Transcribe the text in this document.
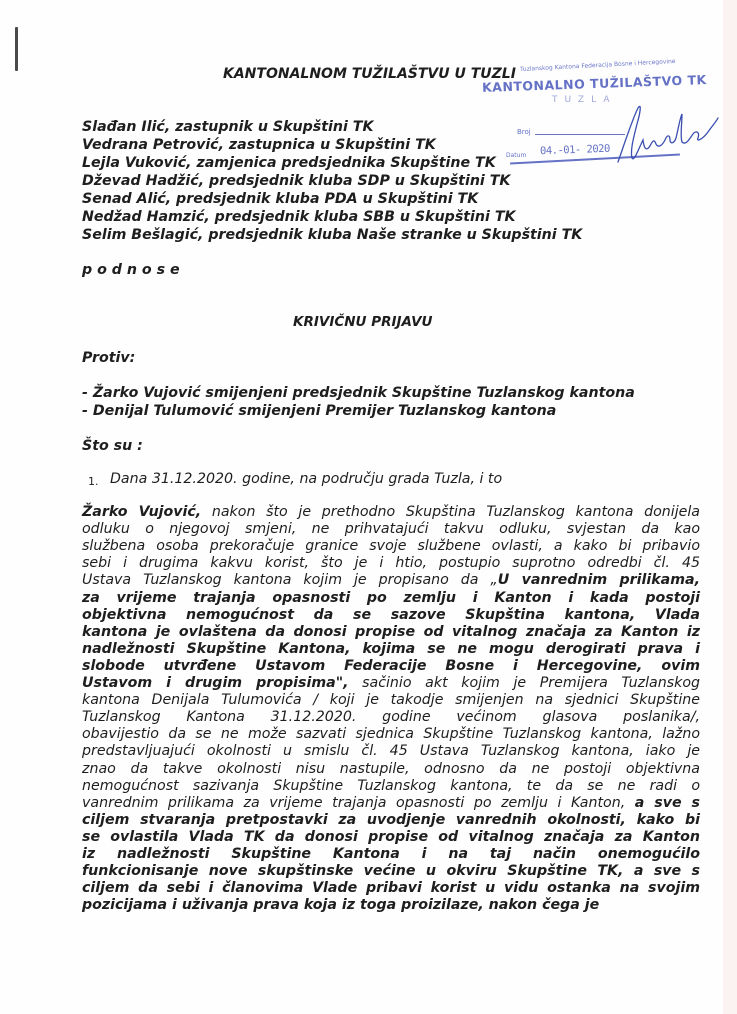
KANTONALNOM TUŽILAŠTVU U TUZLI
Tuzlanskog Kantona Federacija Bosne i Hercegovine
KANTONALNO TUŽILAŠTVO TK
TUZLA
Broj
04.-01- 2020
Datum
Slađan Ilić, zastupnik u Skupštini TK
Vedrana Petrović, zastupnica u Skupštini TK
Lejla Vuković, zamjenica predsjednika Skupštine TK
Dževad Hadžić, predsjednik kluba SDP u Skupštini TK
Senad Alić, predsjednik kluba PDA u Skupštini TK
Nedžad Hamzić, predsjednik kluba SBB u Skupštini TK
Selim Bešlagić, predsjednik kluba Naše stranke u Skupštini TK
p o d n o s e
KRIVIČNU PRIJAVU
Protiv:
- Žarko Vujović smijenjeni predsjednik Skupštine Tuzlanskog kantona
- Denijal Tulumović smijenjeni Premijer Tuzlanskog kantona
Što su :
1. Dana 31.12.2020. godine, na području grada Tuzla, i to
Žarko Vujović, nakon što je prethodno Skupština Tuzlanskog kantona donijela
odluku o njegovoj smjeni, ne prihvatajući takvu odluku, svjestan da kao
službena osoba prekoračuje granice svoje službene ovlasti, a kako bi pribavio
sebi i drugima kakvu korist, što je i htio, postupio suprotno odredbi čl. 45
Ustava Tuzlanskog kantona kojim je propisano da „U vanrednim prilikama,
za vrijeme trajanja opasnosti po zemlju i Kanton i kada postoji
objektivna nemogućnost da se sazove Skupština kantona, Vlada
kantona je ovlaštena da donosi propise od vitalnog značaja za Kanton iz
nadležnosti Skupštine Kantona, kojima se ne mogu derogirati prava i
slobode utvrđene Ustavom Federacije Bosne i Hercegovine, ovim
Ustavom i drugim propisima", sačinio akt kojim je Premijera Tuzlanskog
kantona Denijala Tulumovića / koji je takodje smijenjen na sjednici Skupštine
Tuzlanskog Kantona 31.12.2020. godine većinom glasova poslanika/,
obavijestio da se ne može sazvati sjednica Skupštine Tuzlanskog kantona, lažno
predstavljuajući okolnosti u smislu čl. 45 Ustava Tuzlanskog kantona, iako je
znao da takve okolnosti nisu nastupile, odnosno da ne postoji objektivna
nemogućnost sazivanja Skupštine Tuzlanskog kantona, te da se ne radi o
vanrednim prilikama za vrijeme trajanja opasnosti po zemlju i Kanton, a sve s
ciljem stvaranja pretpostavki za uvodjenje vanrednih okolnosti, kako bi
se ovlastila Vlada TK da donosi propise od vitalnog značaja za Kanton
iz nadležnosti Skupštine Kantona i na taj način onemogućilo
funkcionisanje nove skupštinske većine u okviru Skupštine TK, a sve s
ciljem da sebi i članovima Vlade pribavi korist u vidu ostanka na svojim
pozicijama i uživanja prava koja iz toga proizilaze, nakon čega je
